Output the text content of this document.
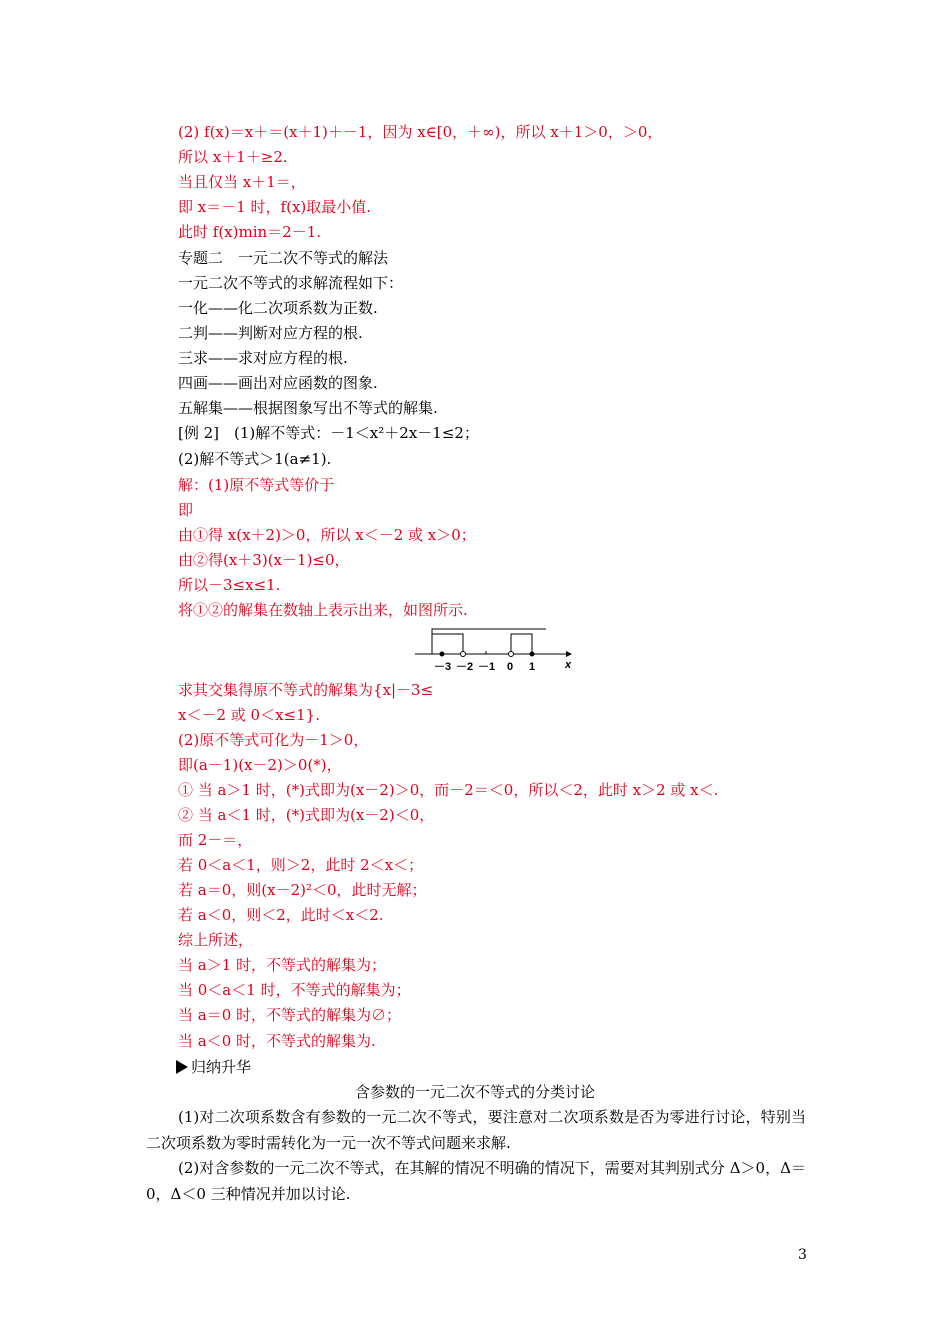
(2) f(x)＝x＋＝(x＋1)＋－1，因为 x∈[0，＋∞)，所以 x＋1＞0，＞0，
所以 x＋1＋≥2.
当且仅当 x＋1＝，
即 x＝－1 时，f(x)取最小值.
此时 f(x)min＝2－1.
专题二　一元二次不等式的解法
一元二次不等式的求解流程如下：
一化——化二次项系数为正数.
二判——判断对应方程的根.
三求——求对应方程的根.
四画——画出对应函数的图象.
五解集——根据图象写出不等式的解集.
[例 2]　(1)解不等式：－1＜x²＋2x－1≤2；
(2)解不等式＞1(a≠1).
解：(1)原不等式等价于
即
由①得 x(x＋2)＞0，所以 x＜－2 或 x＞0；
由②得(x＋3)(x－1)≤0，
所以－3≤x≤1.
将①②的解集在数轴上表示出来，如图所示.
－3 －2 －1 0 1	x
求其交集得原不等式的解集为{x|－3≤
x＜－2 或 0＜x≤1}.
(2)原不等式可化为－1＞0，
即(a－1)(x－2)＞0(*)，
① 当 a＞1 时，(*)式即为(x－2)＞0，而－2＝＜0，所以＜2，此时 x＞2 或 x＜.
② 当 a＜1 时，(*)式即为(x－2)＜0，
而 2－＝，
若 0＜a＜1，则＞2，此时 2＜x＜；
若 a＝0，则(x－2)²＜0，此时无解；
若 a＜0，则＜2，此时＜x＜2.
综上所述，
当 a＞1 时，不等式的解集为；
当 0＜a＜1 时，不等式的解集为；
当 a＝0 时，不等式的解集为∅；
当 a＜0 时，不等式的解集为.
归纳升华
含参数的一元二次不等式的分类讨论
(1)对二次项系数含有参数的一元二次不等式，要注意对二次项系数是否为零进行讨论，特别当二次项系数为零时需转化为一元一次不等式问题来求解.
(2)对含参数的一元二次不等式，在其解的情况不明确的情况下，需要对其判别式分 Δ＞0，Δ＝0，Δ＜0 三种情况并加以讨论.
3
